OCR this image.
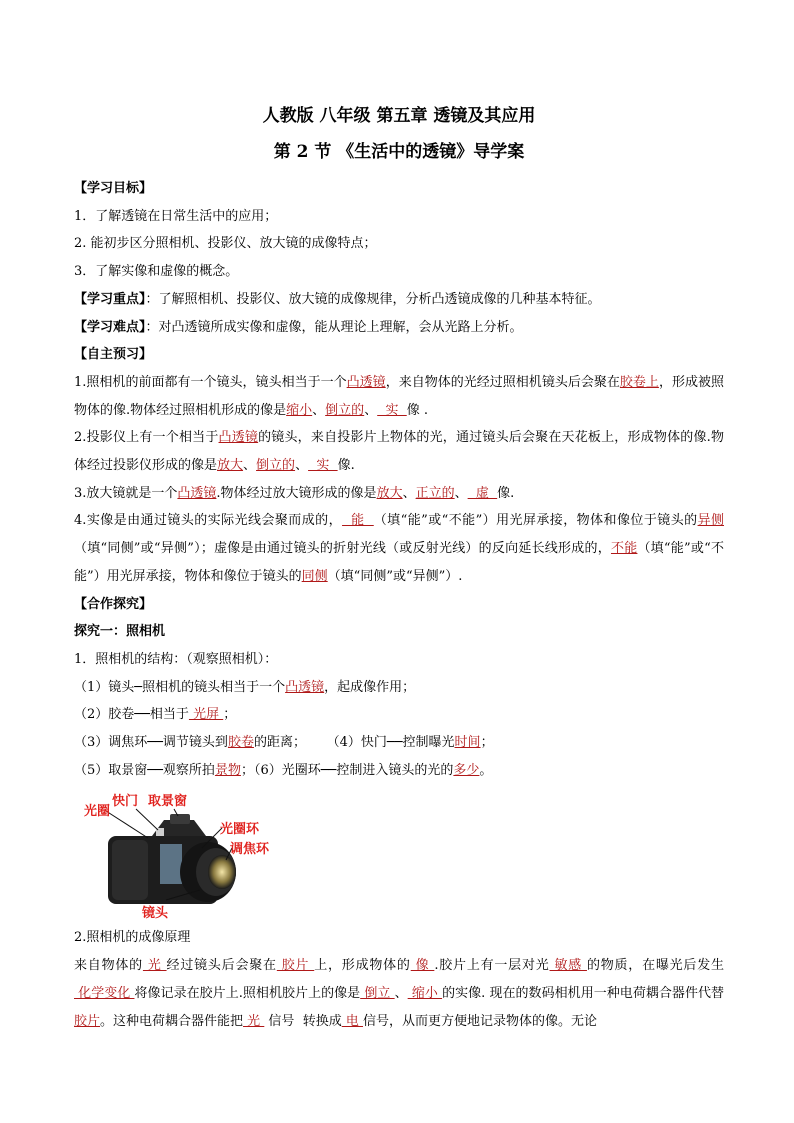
人教版 八年级 第五章 透镜及其应用

第 2 节 《生活中的透镜》导学案

【学习目标】

1．了解透镜在日常生活中的应用；

2. 能初步区分照相机、投影仪、放大镜的成像特点；

3．了解实像和虚像的概念。

【学习重点】：了解照相机、投影仪、放大镜的成像规律，分析凸透镜成像的几种基本特征。

【学习难点】：对凸透镜所成实像和虚像，能从理论上理解，会从光路上分析。

【自主预习】

1.照相机的前面都有一个镜头，镜头相当于一个凸透镜，来自物体的光经过照相机镜头后会聚在胶卷上，形成被照物体的像.物体经过照相机形成的像是缩小、倒立的、  实  像 .

2.投影仪上有一个相当于凸透镜的镜头，来自投影片上物体的光，通过镜头后会聚在天花板上，形成物体的像.物体经过投影仪形成的像是放大、倒立的、  实  像.

3.放大镜就是一个凸透镜.物体经过放大镜形成的像是放大、正立的、  虚  像.

4.实像是由通过镜头的实际光线会聚而成的，  能  （填“能”或“不能”）用光屏承接，物体和像位于镜头的异侧（填“同侧”或“异侧”）；虚像是由通过镜头的折射光线（或反射光线）的反向延长线形成的，不能（填“能”或“不能”）用光屏承接，物体和像位于镜头的同侧（填“同侧”或“异侧”）.

【合作探究】

探究一：照相机

1．照相机的结构：（观察照相机）：

（1）镜头─照相机的镜头相当于一个凸透镜，起成像作用；

（2）胶卷──相当于 光屏 ；

（3）调焦环──调节镜头到胶卷的距离；     （4）快门──控制曝光时间；

（5）取景窗──观察所拍景物；（6）光圈环──控制进入镜头的光的多少。

光圈
快门 取景窗
光圈环
调焦环
镜头

2.照相机的成像原理

来自物体的 光 经过镜头后会聚在 胶片 上，形成物体的 像 .胶片上有一层对光 敏感 的物质，在曝光后发生 化学变化 将像记录在胶片上.照相机胶片上的像是 倒立 、 缩小 的实像. 现在的数码相机用一种电荷耦合器件代替胶片。这种电荷耦合器件能把 光  信号  转换成 电 信号，从而更方便地记录物体的像。无论
